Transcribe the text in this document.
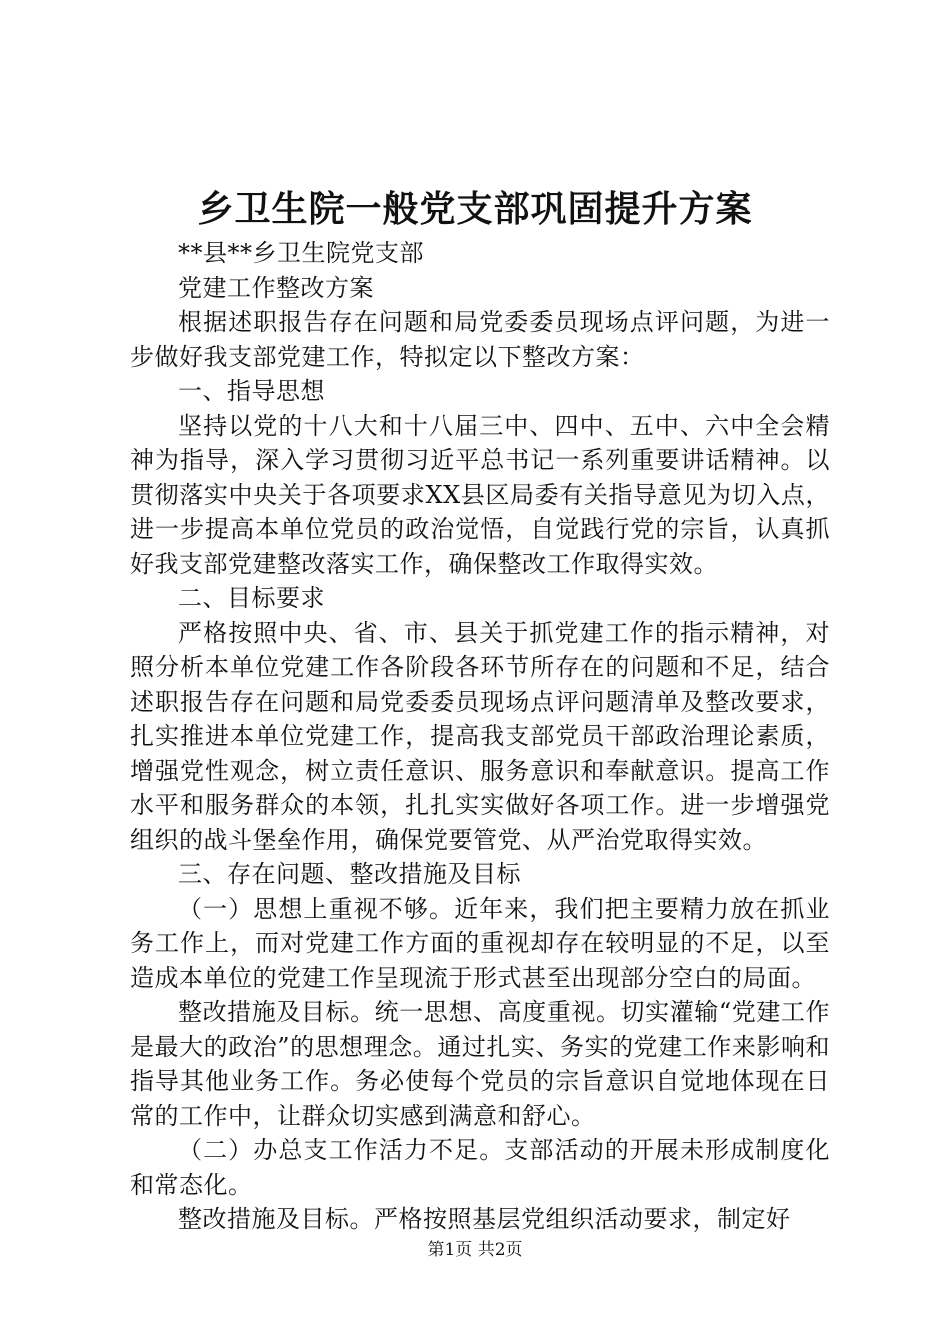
乡卫生院一般党支部巩固提升方案

**县**乡卫生院党支部

党建工作整改方案

根据述职报告存在问题和局党委委员现场点评问题，为进一步做好我支部党建工作，特拟定以下整改方案：

一、指导思想

坚持以党的十八大和十八届三中、四中、五中、六中全会精神为指导，深入学习贯彻习近平总书记一系列重要讲话精神。以贯彻落实中央关于各项要求XX县区局委有关指导意见为切入点，进一步提高本单位党员的政治觉悟，自觉践行党的宗旨，认真抓好我支部党建整改落实工作，确保整改工作取得实效。

二、目标要求

严格按照中央、省、市、县关于抓党建工作的指示精神，对照分析本单位党建工作各阶段各环节所存在的问题和不足，结合述职报告存在问题和局党委委员现场点评问题清单及整改要求，扎实推进本单位党建工作，提高我支部党员干部政治理论素质，增强党性观念，树立责任意识、服务意识和奉献意识。提高工作水平和服务群众的本领，扎扎实实做好各项工作。进一步增强党组织的战斗堡垒作用，确保党要管党、从严治党取得实效。

三、存在问题、整改措施及目标

（一）思想上重视不够。近年来，我们把主要精力放在抓业务工作上，而对党建工作方面的重视却存在较明显的不足，以至造成本单位的党建工作呈现流于形式甚至出现部分空白的局面。

整改措施及目标。统一思想、高度重视。切实灌输“党建工作是最大的政治”的思想理念。通过扎实、务实的党建工作来影响和指导其他业务工作。务必使每个党员的宗旨意识自觉地体现在日常的工作中，让群众切实感到满意和舒心。

（二）办总支工作活力不足。支部活动的开展未形成制度化和常态化。

整改措施及目标。严格按照基层党组织活动要求，制定好

第1页 共2页
